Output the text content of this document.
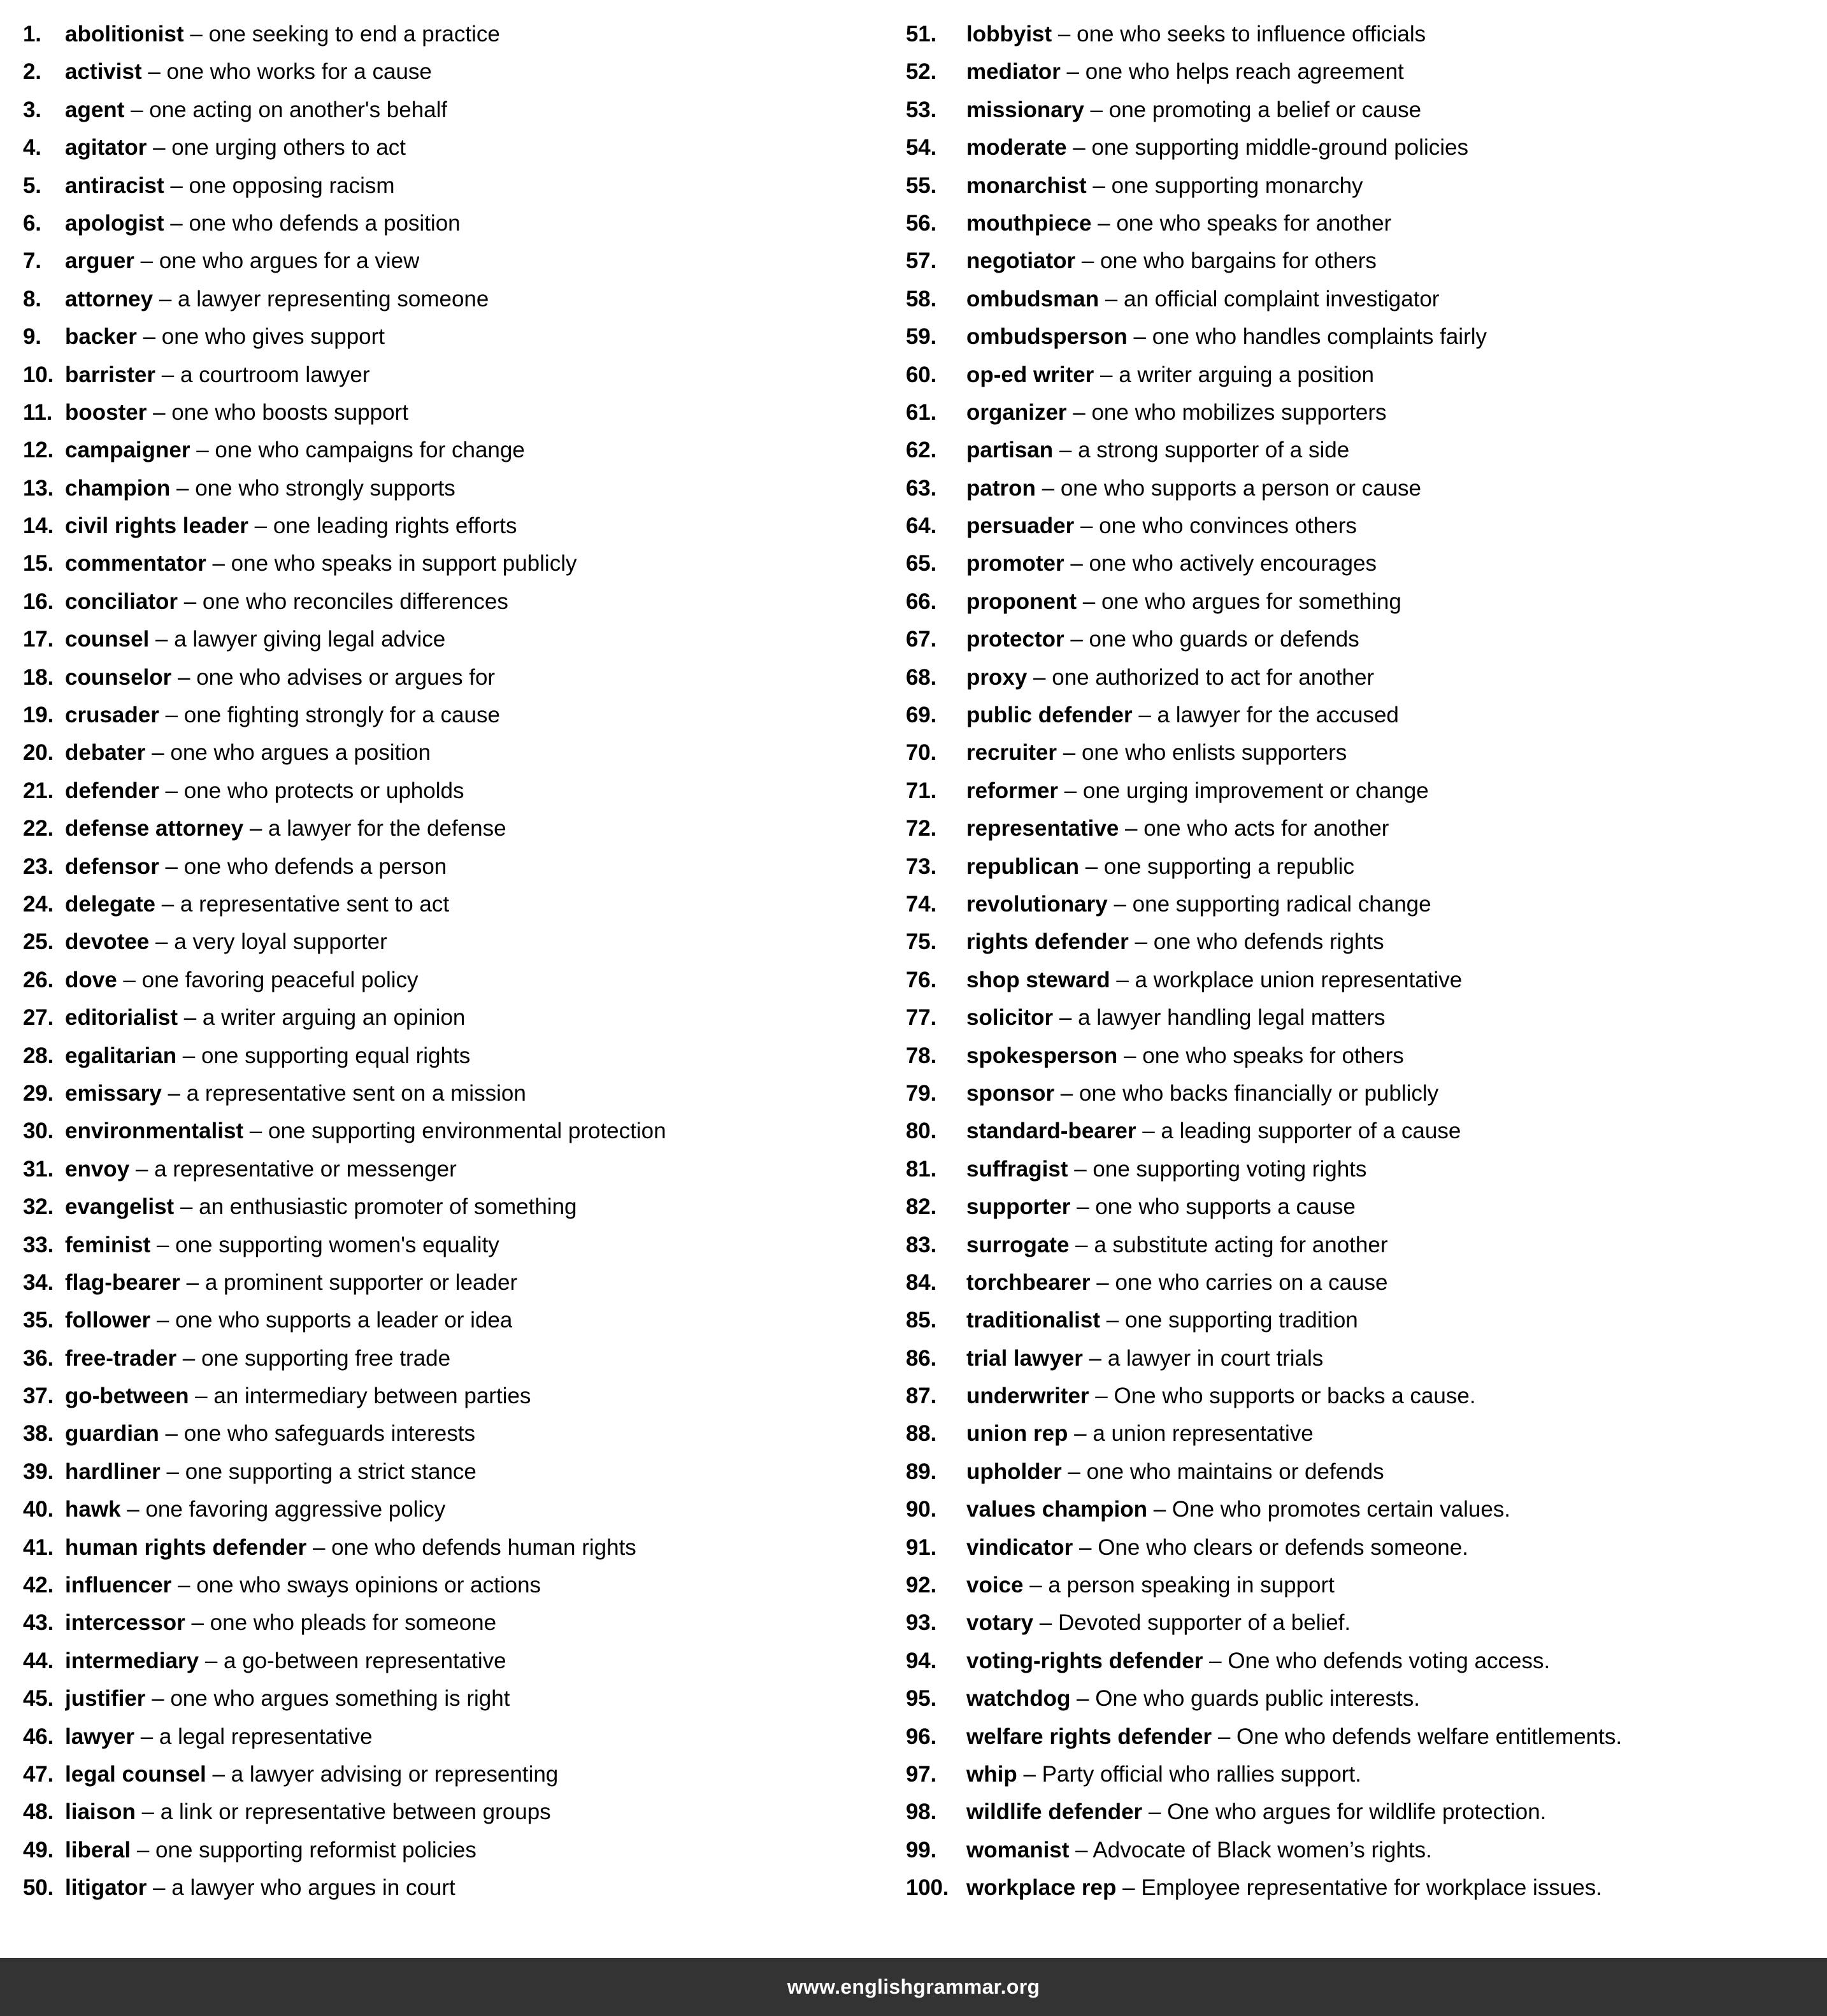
1.	abolitionist – one seeking to end a practice
2.	activist – one who works for a cause
3.	agent – one acting on another's behalf
4.	agitator – one urging others to act
5.	antiracist – one opposing racism
6.	apologist – one who defends a position
7.	arguer – one who argues for a view
8.	attorney – a lawyer representing someone
9.	backer – one who gives support
10. barrister – a courtroom lawyer
11. booster – one who boosts support
12. campaigner – one who campaigns for change
13. champion – one who strongly supports
14. civil rights leader – one leading rights efforts
15. commentator – one who speaks in support publicly
16. conciliator – one who reconciles differences
17. counsel – a lawyer giving legal advice
18. counselor – one who advises or argues for
19. crusader – one fighting strongly for a cause
20. debater – one who argues a position
21. defender – one who protects or upholds
22. defense attorney – a lawyer for the defense
23. defensor – one who defends a person
24. delegate – a representative sent to act
25. devotee – a very loyal supporter
26. dove – one favoring peaceful policy
27. editorialist – a writer arguing an opinion
28. egalitarian – one supporting equal rights
29. emissary – a representative sent on a mission
30. environmentalist – one supporting environmental protection
31. envoy – a representative or messenger
32. evangelist – an enthusiastic promoter of something
33. feminist – one supporting women's equality
34. flag-bearer – a prominent supporter or leader
35. follower – one who supports a leader or idea
36. free-trader – one supporting free trade
37. go-between – an intermediary between parties
38. guardian – one who safeguards interests
39. hardliner – one supporting a strict stance
40. hawk – one favoring aggressive policy
41. human rights defender – one who defends human rights
42. influencer – one who sways opinions or actions
43. intercessor – one who pleads for someone
44. intermediary – a go-between representative
45. justifier – one who argues something is right
46. lawyer – a legal representative
47. legal counsel – a lawyer advising or representing
48. liaison – a link or representative between groups
49. liberal – one supporting reformist policies
50. litigator – a lawyer who argues in court
51.	lobbyist – one who seeks to influence officials
52.	mediator – one who helps reach agreement
53.	missionary – one promoting a belief or cause
54.	moderate – one supporting middle-ground policies
55.	monarchist – one supporting monarchy
56.	mouthpiece – one who speaks for another
57.	negotiator – one who bargains for others
58.	ombudsman – an official complaint investigator
59.	ombudsperson – one who handles complaints fairly
60.	op-ed writer – a writer arguing a position
61.	organizer – one who mobilizes supporters
62.	partisan – a strong supporter of a side
63.	patron – one who supports a person or cause
64.	persuader – one who convinces others
65.	promoter – one who actively encourages
66.	proponent – one who argues for something
67.	protector – one who guards or defends
68.	proxy – one authorized to act for another
69.	public defender – a lawyer for the accused
70.	recruiter – one who enlists supporters
71.	reformer – one urging improvement or change
72.	representative – one who acts for another
73.	republican – one supporting a republic
74.	revolutionary – one supporting radical change
75.	rights defender – one who defends rights
76.	shop steward – a workplace union representative
77.	solicitor – a lawyer handling legal matters
78.	spokesperson – one who speaks for others
79.	sponsor – one who backs financially or publicly
80.	standard-bearer – a leading supporter of a cause
81.	suffragist – one supporting voting rights
82.	supporter – one who supports a cause
83.	surrogate – a substitute acting for another
84.	torchbearer – one who carries on a cause
85.	traditionalist – one supporting tradition
86.	trial lawyer – a lawyer in court trials
87.	underwriter – One who supports or backs a cause.
88.	union rep – a union representative
89.	upholder – one who maintains or defends
90.	values champion – One who promotes certain values.
91.	vindicator – One who clears or defends someone.
92.	voice – a person speaking in support
93.	votary – Devoted supporter of a belief.
94.	voting-rights defender – One who defends voting access.
95.	watchdog – One who guards public interests.
96.	welfare rights defender – One who defends welfare entitlements.
97.	whip – Party official who rallies support.
98.	wildlife defender – One who argues for wildlife protection.
99.	womanist – Advocate of Black women’s rights.
100. workplace rep – Employee representative for workplace issues.
www.englishgrammar.org
